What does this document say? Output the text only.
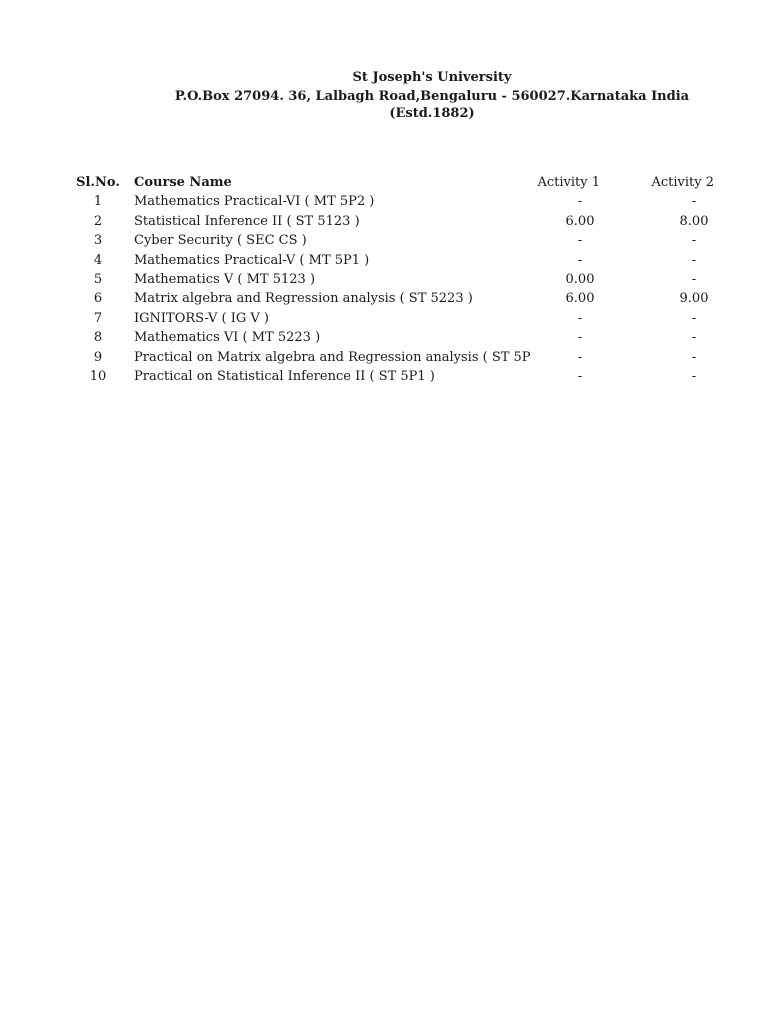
St Joseph's University
P.O.Box 27094. 36, Lalbagh Road,Bengaluru - 560027.Karnataka India
(Estd.1882)
Sl.No.	Course Name	Activity 1	Activity 2
1	Mathematics Practical-VI ( MT 5P2 )	-	-
2	Statistical Inference II ( ST 5123 )	6.00	8.00
3	Cyber Security ( SEC CS )	-	-
4	Mathematics Practical-V ( MT 5P1 )	-	-
5	Mathematics V ( MT 5123 )	0.00	-
6	Matrix algebra and Regression analysis ( ST 5223 )	6.00	9.00
7	IGNITORS-V ( IG V )	-	-
8	Mathematics VI ( MT 5223 )	-	-
9	Practical on Matrix algebra and Regression analysis ( ST 5P	-	-
10	Practical on Statistical Inference II ( ST 5P1 )	-	-
